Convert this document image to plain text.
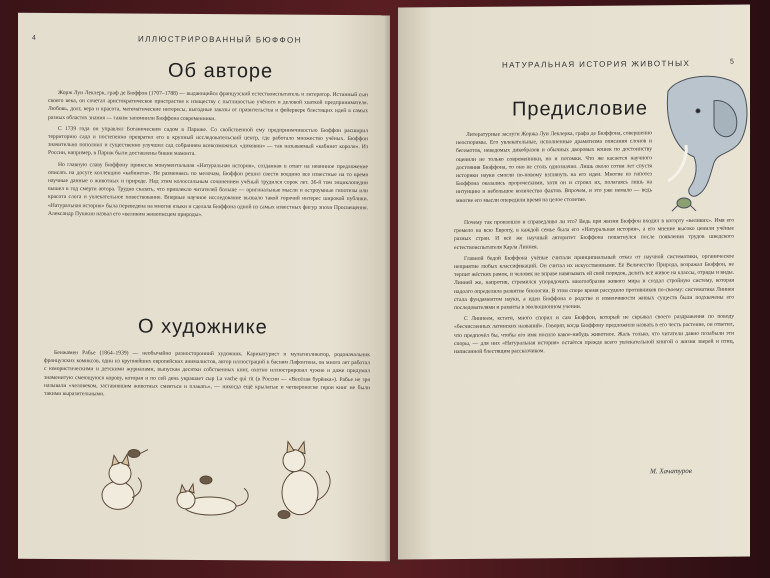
4	ИЛЛЮСТРИРОВАННЫЙ БЮФФОН
Об авторе

Жорж Луи Леклерк, граф де Бюффон (1707–1788) — выдающийся французский естествоиспытатель и литератор. Истинный сын своего века, он сочетал аристократическое пристрастие к изяществу с пытливостью учёного и деловой хваткой предпринимателя. Любовь, долг, вера и красота, математические интересы, выгодные заказы от правительства и фейерверк блестящих идей в самых разных областях знания — таким запомнили Бюффона современники.

С 1739 года он управлял Ботаническим садом в Париже. Со свойственной ему предприимчивостью Бюффон расширил территорию сада и постепенно превратил его в крупный исследовательский центр, где работало множество учёных. Бюффон значительно пополнил и существенно улучшил сад собранием всевозможных «диковин» — так называемый «кабинет короля». Из России, например, в Париж были доставлены бивни мамонта.

Но главную славу Бюффону принесла монументальная «Натуральная история», созданная в ответ на невинное предложение описать на досуге коллекцию «кабинета». Не разменяясь по мелочам, Бюффон решил свести воедино все известные на то время научные данные о животных и природе. Над этим колоссальным сочинением учёный трудился сорок лет. 36-й том энциклопедии вышел в год смерти автора. Трудно сказать, что привлекло читателей больше — оригинальные мысли и остроумные гипотезы или красота слога и увлекательное повествование. Впервые научное исследование вызвало такой горячий интерес широкой публики. «Натуральная история» была переведена на многие языки и сделала Бюффона одной из самых известных фигур эпохи Просвещения. Александр Пушкин назвал его «великим живописцем природы».

О художнике

Бенжамен Рабье (1864–1939) — необычайно разносторонний художник. Карикатурист и мультипликатор, родоначальник французских комиксов, один из крупнейших европейских анималистов, автор иллюстраций к басням Лафонтена, он много лет работал с юмористическими и детскими журналами, выпуская десятки собственных книг, охотно иллюстрировал чужие и даже придумал знаменитую смеющуюся корову, которая и по сей день украшает сыр La vache qui rit (в России — «Весёлая бурёнка»). Рабье не зря называли «человеком, заставившим животных смеяться и плакать», — никогда ещё крылатые и четвероногие герои книг не были такими выразительными.

НАТУРАЛЬНАЯ ИСТОРИЯ ЖИВОТНЫХ	5
Предисловие

Литературные заслуги Жоржа Луи Леклерка, графа де Бюффона, совершенно неоспоримы. Его увлекательные, исполненные драматизма описания слонов и бегемотов, неведомых дикобразов и обычных дворовых кошек по достоинству оценили не только современники, но и потомки. Что же касается научного достояния Бюффона, то оно не столь однозначно. Лишь около сотни лет спустя историки науки смогли по-новому взглянуть на его идеи. Многие из гипотез Бюффона оказались пророческими, хотя он и строил их, полагаясь лишь на интуицию и небольшое количество фактов. Впрочем, и это уже немало — ведь многие его мысли опередили время на целое столетие.

Почему так произошло и справедливо ли это? Ведь при жизни Бюффон входил в когорту «великих». Имя его гремело на всю Европу, в каждой семье была его «Натуральная история», а его мнение высоко ценили учёные разных стран. И всё же научный авторитет Бюффона пошатнулся после появления трудов шведского естествоиспытателя Карла Линнея.

Главной бедой Бюффона учёные считали принципиальный отказ от научной систематики, органическое неприятие любых классификаций. Он считал их искусственными. Её Величество Природа, возражал Бюффон, не терпит жёстких рамок, и человек не вправе навязывать ей свой порядок, делить всё живое на классы, отряды и виды. Линней же, напротив, стремился упорядочить многообразие живого мира и создал стройную систему, которая надолго определила развитие биологии. В этом споре время рассудило противников по-своему: систематика Линнея стала фундаментом науки, а идеи Бюффона о родстве и изменчивости живых существ были подхвачены его последователями и развиты в эволюционном учении.

С Линнеем, кстати, много спорил и сам Бюффон, который не скрывал своего раздражения по поводу «бесчисленных латинских названий». Говорят, когда Бюффону предложили назвать в его честь растение, он ответил, что предпочёл бы, чтобы его имя носило какое-нибудь животное. Жаль только, что читатели давно позабыли эти споры, — для них «Натуральная история» остаётся прежде всего увлекательной книгой о жизни зверей и птиц, написанной блестящим рассказчиком.

М. Хачатуров
